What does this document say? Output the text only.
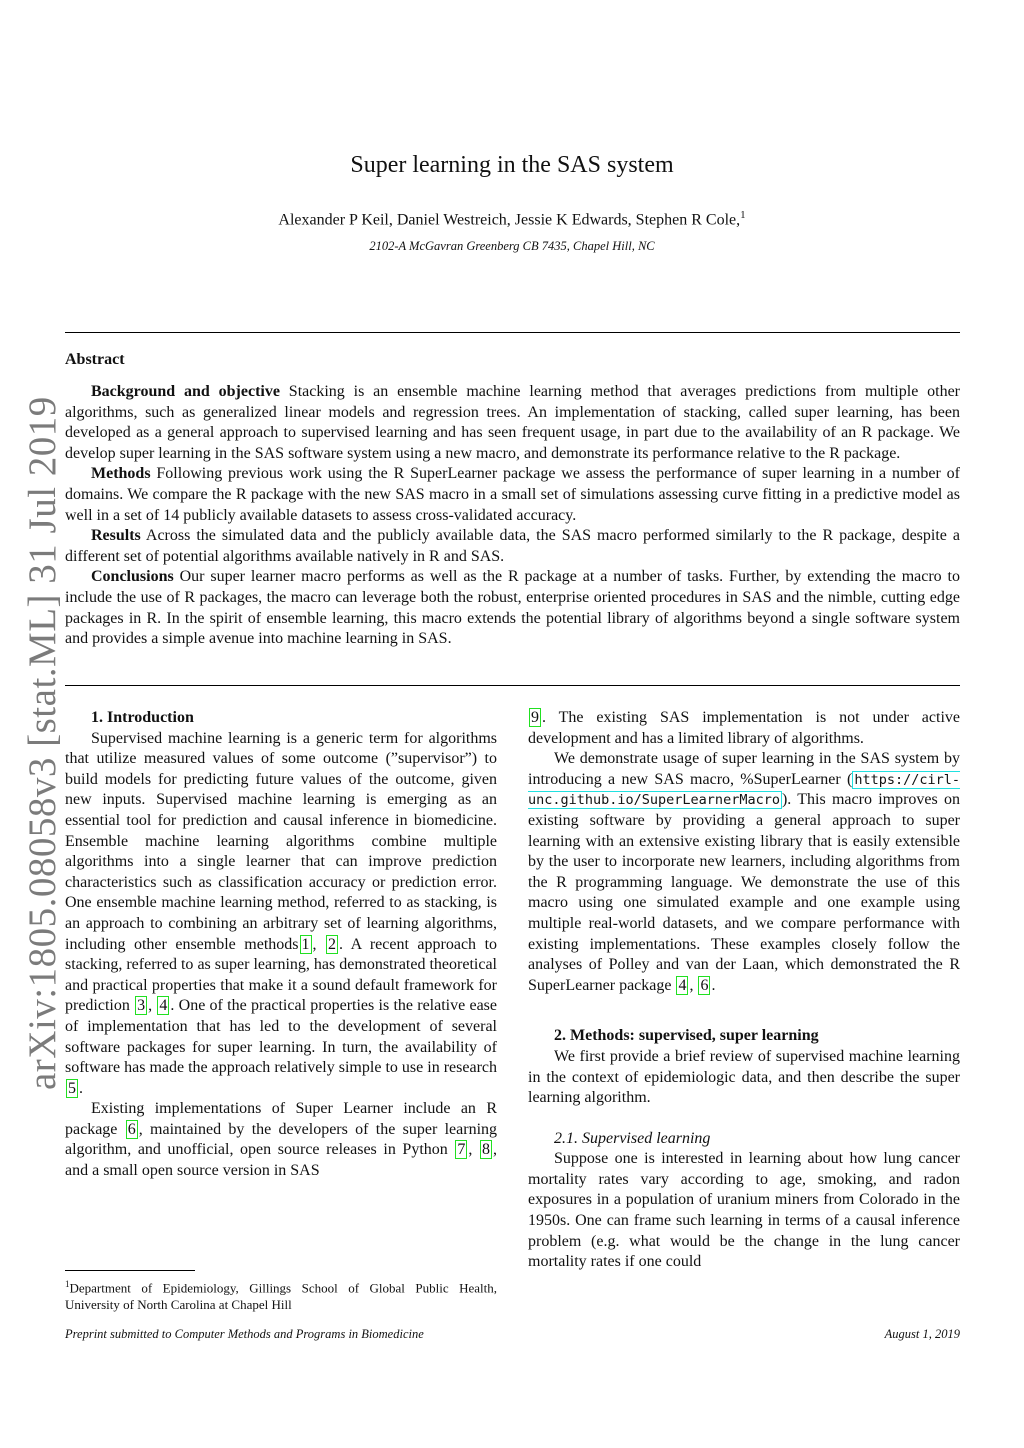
arXiv:1805.08058v3 [stat.ML] 31 Jul 2019
Super learning in the SAS system
Alexander P Keil, Daniel Westreich, Jessie K Edwards, Stephen R Cole,$^1$
2102-A McGavran Greenberg CB 7435, Chapel Hill, NC
Abstract

Background and objective Stacking is an ensemble machine learning method that averages predictions from multiple other algorithms, such as generalized linear models and regression trees. An implementation of stacking, called super learning, has been developed as a general approach to supervised learning and has seen frequent usage, in part due to the availability of an R package. We develop super learning in the SAS software system using a new macro, and demonstrate its performance relative to the R package.

Methods Following previous work using the R SuperLearner package we assess the performance of super learning in a number of domains. We compare the R package with the new SAS macro in a small set of simulations assessing curve fitting in a predictive model as well in a set of 14 publicly available datasets to assess cross-validated accuracy.

Results Across the simulated data and the publicly available data, the SAS macro performed similarly to the R package, despite a different set of potential algorithms available natively in R and SAS.

Conclusions Our super learner macro performs as well as the R package at a number of tasks. Further, by extending the macro to include the use of R packages, the macro can leverage both the robust, enterprise oriented procedures in SAS and the nimble, cutting edge packages in R. In the spirit of ensemble learning, this macro extends the potential library of algorithms beyond a single software system and provides a simple avenue into machine learning in SAS.

1. Introduction

Supervised machine learning is a generic term for algorithms that utilize measured values of some outcome (”supervisor”) to build models for predicting future values of the outcome, given new inputs. Supervised machine learning is emerging as an essential tool for prediction and causal inference in biomedicine. Ensemble machine learning algorithms combine multiple algorithms into a single learner that can improve prediction characteristics such as classification accuracy or prediction error. One ensemble machine learning method, referred to as stacking, is an approach to combining an arbitrary set of learning algorithms, including other ensemble methods 1 , 2 . A recent approach to stacking, referred to as super learning, has demonstrated theoretical and practical properties that make it a sound default framework for prediction 3 , 4 . One of the practical properties is the relative ease of implementation that has led to the development of several software packages for super learning. In turn, the availability of software has made the approach relatively simple to use in research 5 .

Existing implementations of Super Learner include an R package 6 , maintained by the developers of the super learning algorithm, and unofficial, open source releases in Python 7 , 8 , and a small open source version in SAS

9 . The existing SAS implementation is not under active development and has a limited library of algorithms.

We demonstrate usage of super learning in the SAS system by introducing a new SAS macro, %SuperLearner ( https://cirl-unc.github.io/SuperLearnerMacro ). This macro improves on existing software by providing a general approach to super learning with an extensive existing library that is easily extensible by the user to incorporate new learners, including algorithms from the R programming language. We demonstrate the use of this macro using one simulated example and one example using multiple real-world datasets, and we compare performance with existing implementations. These examples closely follow the analyses of Polley and van der Laan, which demonstrated the R SuperLearner package 4 , 6 .

2. Methods: supervised, super learning

We first provide a brief review of supervised machine learning in the context of epidemiologic data, and then describe the super learning algorithm.

2.1. Supervised learning

Suppose one is interested in learning about how lung cancer mortality rates vary according to age, smoking, and radon exposures in a population of uranium miners from Colorado in the 1950s. One can frame such learning in terms of a causal inference problem (e.g. what would be the change in the lung cancer mortality rates if one could

$^1$Department of Epidemiology, Gillings School of Global Public Health, University of North Carolina at Chapel Hill
Preprint submitted to Computer Methods and Programs in Biomedicine	August 1, 2019
